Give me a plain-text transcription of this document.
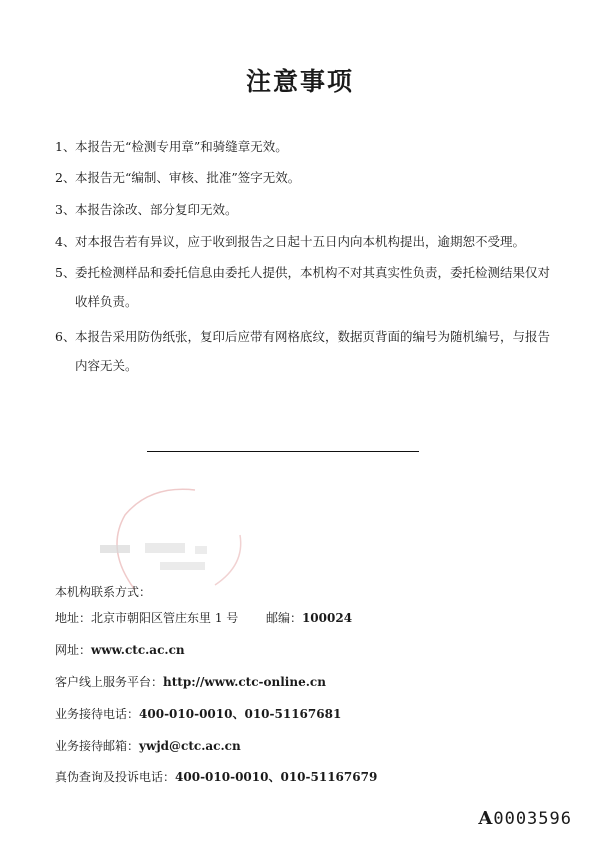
注意事项
1、本报告无“检测专用章”和骑缝章无效。
2、本报告无“编制、审核、批准”签字无效。
3、本报告涂改、部分复印无效。
4、对本报告若有异议，应于收到报告之日起十五日内向本机构提出，逾期恕不受理。
5、委托检测样品和委托信息由委托人提供，本机构不对其真实性负责，委托检测结果仅对
收样负责。
6、本报告采用防伪纸张，复印后应带有网格底纹，数据页背面的编号为随机编号，与报告
内容无关。
本机构联系方式：
地址：北京市朝阳区管庄东里 1 号 邮编：100024
网址：www.ctc.ac.cn
客户线上服务平台：http://www.ctc-online.cn
业务接待电话：400-010-0010、010-51167681
业务接待邮箱：ywjd@ctc.ac.cn
真伪查询及投诉电话：400-010-0010、010-51167679
A0003596
